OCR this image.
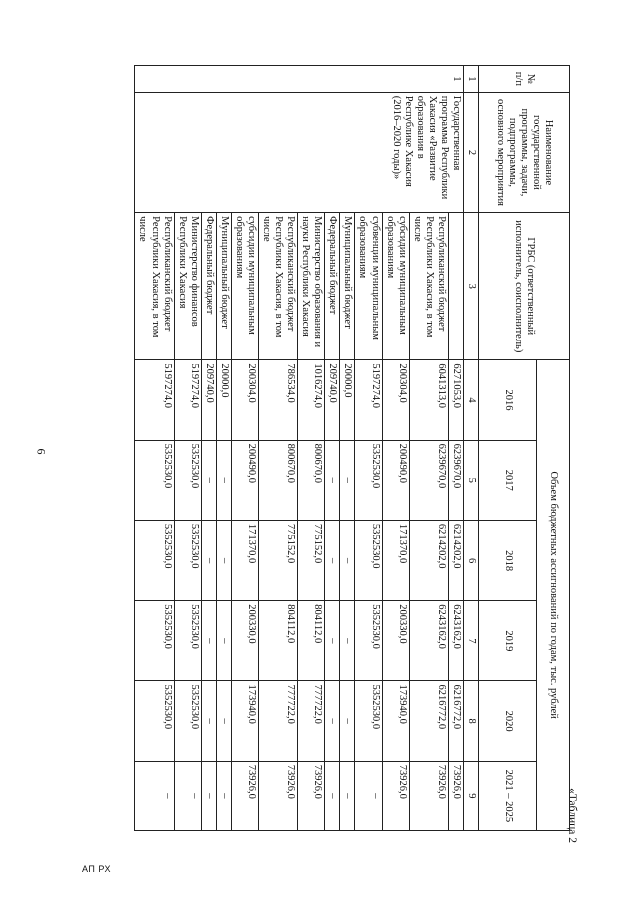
6
АП РХ
«Таблица 2
№ п/п	Наименование государственной программы, задачи, подпрограммы, основного мероприятия	ГРБС (ответственный исполнитель, соисполнитель)	Объем бюджетных ассигнований по годам, тыс. рублей					
			2016	2017	2018	2019	2020	2021 – 2025
1	2	3	4	5	6	7	8	9
1	Государственная программа Республики Хакасия «Развитие образования в Республике Хакасия (2016–2020 годы)»		6271053,0	6239670,0	6214202,0	6243162,0	6216772,0	73926,0
		Республиканский бюджет Республики Хакасия, в том числе	6041313,0	6239670,0	6214202,0	6243162,0	6216772,0	73926,0
		субсидии муниципальным образованиям	200304,0	200490,0	171370,0	200330,0	173940,0	73926,0
		субвенции муниципальным образованиям	5197274,0	5352530,0	5352530,0	5352530,0	5352530,0	–
		Муниципальный бюджет	20000,0	–	–	–	–	–
		Федеральный бюджет	209740,0	–	–	–	–	–
		Министерство образования и науки Республики Хакасия	1016274,0	800670,0	775152,0	804112,0	777722,0	73926,0
		Республиканский бюджет Республики Хакасия, в том числе	786534,0	800670,0	775152,0	804112,0	777722,0	73926,0
		субсидии муниципальным образованиям	200304,0	200490,0	171370,0	200330,0	173940,0	73926,0
		Муниципальный бюджет	20000,0	–	–	–	–	–
		Федеральный бюджет	209740,0	–	–	–	–	–
		Министерство финансов Республики Хакасия	5197274,0	5352530,0	5352530,0	5352530,0	5352530,0	–
		Республиканский бюджет Республики Хакасия, в том числе	5197274,0	5352530,0	5352530,0	5352530,0	5352530,0	–
